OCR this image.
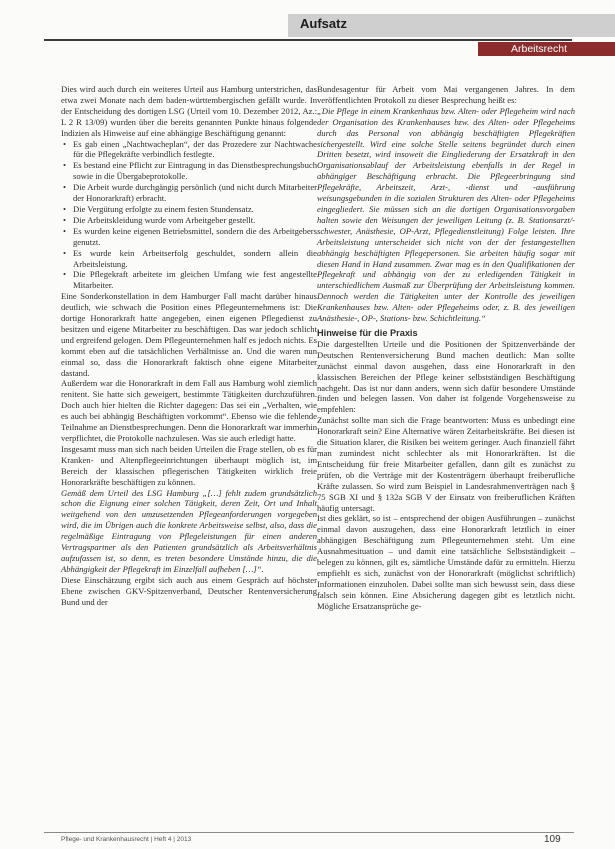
Aufsatz
Arbeitsrecht

Dies wird auch durch ein weiteres Urteil aus Hamburg unterstrichen, das etwa zwei Monate nach dem baden-württembergischen gefällt wurde. In der Entscheidung des dortigen LSG (Urteil vom 10. Dezember 2012, Az.: L 2 R 13/09) wurden über die bereits genannten Punkte hinaus folgende Indizien als Hinweise auf eine abhängige Beschäftigung genannt:

• Es gab einen „Nachtwacheplan“, der das Prozedere zur Nachtwache für die Pflegekräfte verbindlich festlegte.
• Es bestand eine Pflicht zur Eintragung in das Dienstbesprechungsbuch sowie in die Übergabeprotokolle.
• Die Arbeit wurde durchgängig persönlich (und nicht durch Mitarbeiter der Honorarkraft) erbracht.
• Die Vergütung erfolgte zu einem festen Stundensatz.
• Die Arbeitskleidung wurde vom Arbeitgeber gestellt.
• Es wurden keine eigenen Betriebsmittel, sondern die des Arbeitgebers genutzt.
• Es wurde kein Arbeitserfolg geschuldet, sondern allein die Arbeitsleistung.
• Die Pflegekraft arbeitete im gleichen Umfang wie fest angestellte Mitarbeiter.

Eine Sonderkonstellation in dem Hamburger Fall macht darüber hinaus deutlich, wie schwach die Position eines Pflegeunternehmens ist: Die dortige Honorarkraft hatte angegeben, einen eigenen Pflegedienst zu besitzen und eigene Mitarbeiter zu beschäftigen. Das war jedoch schlicht und ergreifend gelogen. Dem Pflegeunternehmen half es jedoch nichts. Es kommt eben auf die tatsächlichen Verhältnisse an. Und die waren nun einmal so, dass die Honorarkraft faktisch ohne eigene Mitarbeiter dastand.

Außerdem war die Honorarkraft in dem Fall aus Hamburg wohl ziemlich renitent. Sie hatte sich geweigert, bestimmte Tätigkeiten durchzuführen. Doch auch hier hielten die Richter dagegen: Das sei ein „Verhalten, wie es auch bei abhängig Beschäftigten vorkommt“. Ebenso wie die fehlende Teilnahme an Dienstbesprechungen. Denn die Honorarkraft war immerhin verpflichtet, die Protokolle nachzulesen. Was sie auch erledigt hatte.

Insgesamt muss man sich nach beiden Urteilen die Frage stellen, ob es für Kranken- und Altenpflegeeinrichtungen überhaupt möglich ist, im Bereich der klassischen pflegerischen Tätigkeiten wirklich freie Honorarkräfte beschäftigen zu können.

Gemäß dem Urteil des LSG Hamburg „[…] fehlt zudem grundsätzlich schon die Eignung einer solchen Tätigkeit, deren Zeit, Ort und Inhalt weitgehend von den umzusetzenden Pflegeanforderungen vorgegeben wird, die im Übrigen auch die konkrete Arbeitsweise selbst, also, dass die regelmäßige Eintragung von Pflegeleistungen für einen anderen Vertragspartner als den Patienten grundsätzlich als Arbeitsverhältnis aufzufassen ist, so denn, es treten besondere Umstände hinzu, die die Abhängigkeit der Pflegekraft im Einzelfall aufheben […]“.

Diese Einschätzung ergibt sich auch aus einem Gespräch auf höchster Ebene zwischen GKV-Spitzenverband, Deutscher Rentenversicherung Bund und der

Bundesagentur für Arbeit vom Mai vergangenen Jahres. In dem veröffentlichten Protokoll zu dieser Besprechung heißt es:

„Die Pflege in einem Krankenhaus bzw. Alten- oder Pflegeheim wird nach der Organisation des Krankenhauses bzw. des Alten- oder Pflegeheims durch das Personal von abhängig beschäftigten Pflegekräften sichergestellt. Wird eine solche Stelle seitens begründet durch einen Dritten besetzt, wird insoweit die Eingliederung der Ersatzkraft in den Organisationsablauf der Arbeitsleistung ebenfalls in der Regel in abhängiger Beschäftigung erbracht. Die Pflegeerbringung sind Pflegekräfte, Arbeitszeit, Arzt-, -dienst und -ausführung weisungsgebunden in die sozialen Strukturen des Alten- oder Pflegeheims eingegliedert. Sie müssen sich an die dortigen Organisationsvorgaben halten sowie den Weisungen der jeweiligen Leitung (z. B. Stationsarzt/-schwester, Anästhesie, OP-Arzt, Pflegedienstleitung) Folge leisten. Ihre Arbeitsleistung unterscheidet sich nicht von der der festangestellten abhängig beschäftigten Pflegepersonen. Sie arbeiten häufig sogar mit diesen Hand in Hand zusammen. Zwar mag es in den Qualifikationen der Pflegekraft und abhängig von der zu erledigenden Tätigkeit in unterschiedlichem Ausmaß zur Überprüfung der Arbeitsleistung kommen. Dennoch werden die Tätigkeiten unter der Kontrolle des jeweiligen Krankenhauses bzw. Alten- oder Pflegeheims oder, z. B. des jeweiligen Anästhesie-, OP-, Stations- bzw. Schichtleitung.“

Hinweise für die Praxis

Die dargestellten Urteile und die Positionen der Spitzenverbände der Deutschen Rentenversicherung Bund machen deutlich: Man sollte zunächst einmal davon ausgehen, dass eine Honorarkraft in den klassischen Bereichen der Pflege keiner selbstständigen Beschäftigung nachgeht. Das ist nur dann anders, wenn sich dafür besondere Umstände finden und belegen lassen. Von daher ist folgende Vorgehensweise zu empfehlen:

Zunächst sollte man sich die Frage beantworten: Muss es unbedingt eine Honorarkraft sein? Eine Alternative wären Zeitarbeitskräfte. Bei diesen ist die Situation klarer, die Risiken bei weitem geringer. Auch finanziell fährt man zumindest nicht schlechter als mit Honorarkräften. Ist die Entscheidung für freie Mitarbeiter gefallen, dann gilt es zunächst zu prüfen, ob die Verträge mit der Kostenträgern überhaupt freiberufliche Kräfte zulassen. So wird zum Beispiel in Landesrahmenverträgen nach § 75 SGB XI und § 132a SGB V der Einsatz von freiberuflichen Kräften häufig untersagt.

Ist dies geklärt, so ist – entsprechend der obigen Ausführungen – zunächst einmal davon auszugehen, dass eine Honorarkraft letztlich in einer abhängigen Beschäftigung zum Pflegeunternehmen steht. Um eine Ausnahmesituation – und damit eine tatsächliche Selbstständigkeit – belegen zu können, gilt es, sämtliche Umstände dafür zu ermitteln. Hierzu empfiehlt es sich, zunächst von der Honorarkraft (möglichst schriftlich) Informationen einzuholen. Dabei sollte man sich bewusst sein, dass diese falsch sein können. Eine Absicherung dagegen gibt es letztlich nicht. Mögliche Ersatzansprüche ge-

Pflege- und Krankenhausrecht | Heft 4 | 2013	109
